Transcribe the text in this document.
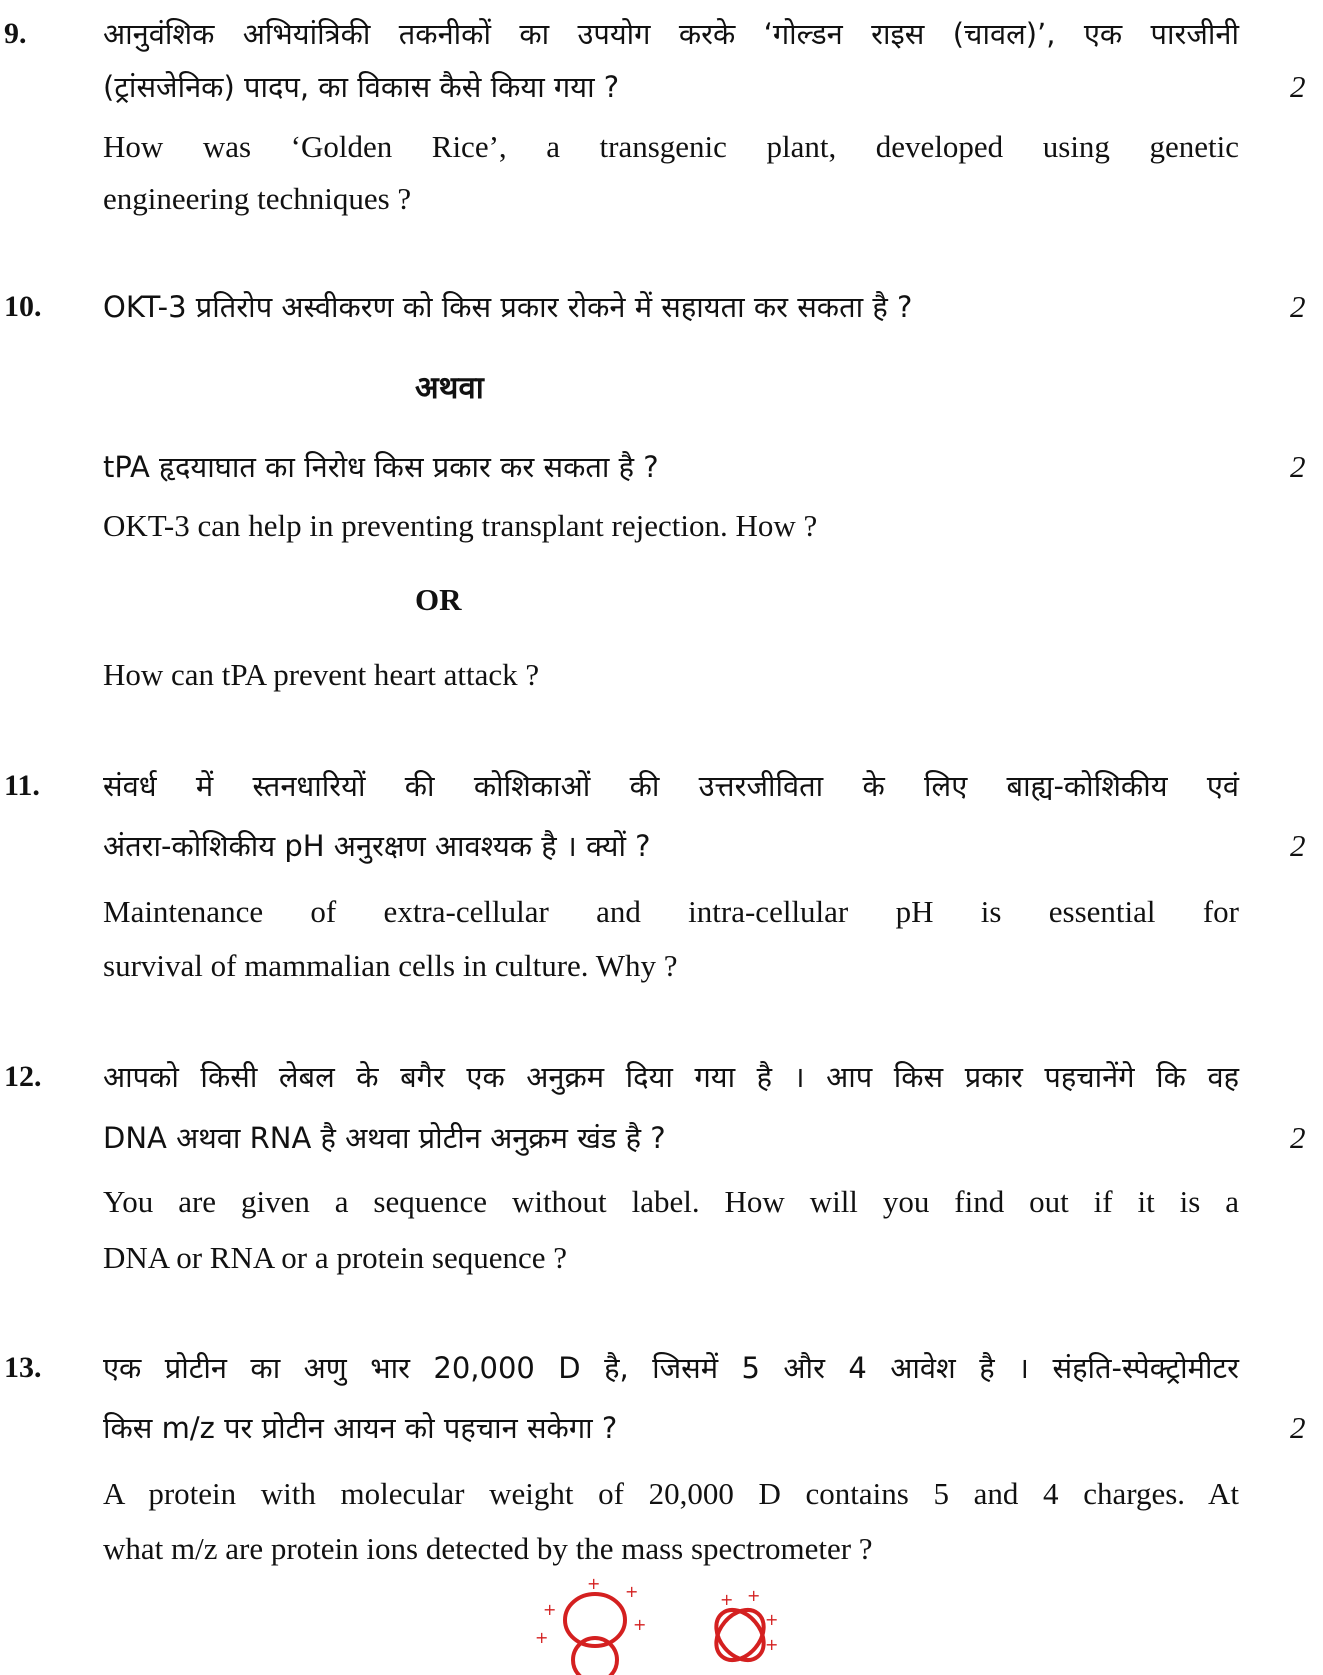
9.	आनुवंशिक अभियांत्रिकी तकनीकों का उपयोग करके ‘गोल्डन राइस (चावल)’, एक पारजीनी
(ट्रांसजेनिक) पादप, का विकास कैसे किया गया ?	2
How was ‘Golden Rice’, a transgenic plant, developed using genetic
engineering techniques ?
10. OKT-3 प्रतिरोप अस्वीकरण को किस प्रकार रोकने में सहायता कर सकता है ?	2
अथवा
tPA हृदयाघात का निरोध किस प्रकार कर सकता है ?	2
OKT-3 can help in preventing transplant rejection. How ?
OR
How can tPA prevent heart attack ?
11. संवर्ध में स्तनधारियों की कोशिकाओं की उत्तरजीविता के लिए बाह्य-कोशिकीय एवं
अंतरा-कोशिकीय pH अनुरक्षण आवश्यक है । क्यों ?	2
Maintenance of extra-cellular and intra-cellular pH is essential for
survival of mammalian cells in culture. Why ?
12. आपको किसी लेबल के बगैर एक अनुक्रम दिया गया है । आप किस प्रकार पहचानेंगे कि वह
DNA अथवा RNA है अथवा प्रोटीन अनुक्रम खंड है ?	2
You are given a sequence without label. How will you find out if it is a
DNA or RNA or a protein sequence ?
13. एक प्रोटीन का अणु भार 20,000 D है, जिसमें 5 और 4 आवेश है । संहति-स्पेक्ट्रोमीटर
किस m/z पर प्रोटीन आयन को पहचान सकेगा ?	2
A protein with molecular weight of 20,000 D contains 5 and 4 charges. At
what m/z are protein ions detected by the mass spectrometer ?
+ +
+
+
+
+ +
+
+
